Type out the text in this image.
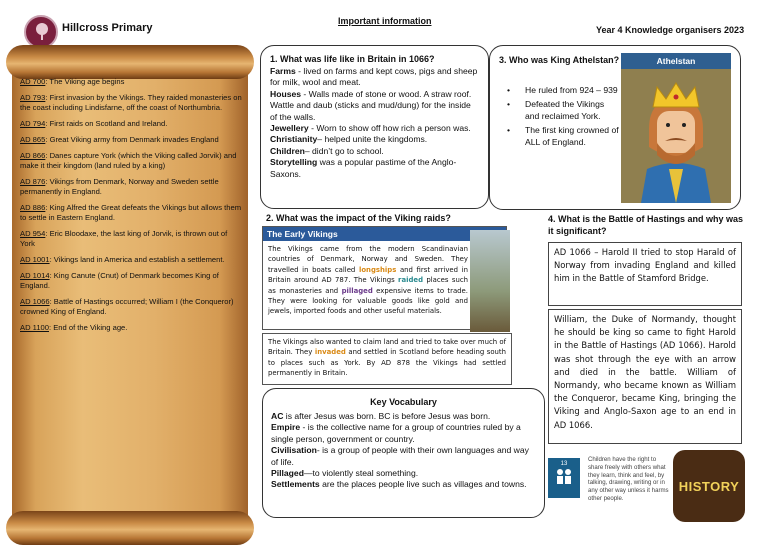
Hillcross Primary
Important information
Year 4 Knowledge organisers 2023
AD 700: The Viking age begins
AD 793: First invasion by the Vikings. They raided monasteries on the coast including Lindisfarne, off the coast of Northumbria.
AD 794: First raids on Scotland and Ireland.
AD 865: Great Viking army from Denmark invades England
AD 866: Danes capture York (which the Viking called Jorvik) and make it their kingdom (land ruled by a king)
AD 876: Vikings from Denmark, Norway and Sweden settle permanently in England.
AD 886: King Alfred the Great defeats the Vikings but allows them to settle in Eastern England.
AD 954: Eric Bloodaxe, the last king of Jorvik, is thrown out of York
AD 1001: Vikings land in America and establish a settlement.
AD 1014: King Canute (Cnut) of Denmark becomes King of England.
AD 1066: Battle of Hastings occurred; William I (the Conqueror) crowned King of England.
AD 1100: End of the Viking age.
1. What was life like in Britain in 1066?
Farms - lived on farms and kept cows, pigs and sheep for milk, wool and meat.
Houses - Walls made of stone or wood. A straw roof. Wattle and daub (sticks and mud/dung) for the inside of the walls.
Jewellery - Worn to show off how rich a person was.
Christianity– helped unite the kingdoms.
Children– didn’t go to school.
Storytelling was a popular pastime of the Anglo-Saxons.
3. Who was King Athelstan?
• He ruled from 924 – 939
• Defeated the Vikings and reclaimed York.
• The first king crowned of ALL of England.
Athelstan
2. What was the impact of the Viking raids?
The Early Vikings
The Vikings came from the modern Scandinavian countries of Denmark, Norway and Sweden. They travelled in boats called longships and first arrived in Britain around AD 787. The Vikings raided places such as monasteries and pillaged expensive items to trade. They were looking for valuable goods like gold and jewels, imported foods and other useful materials.
The Vikings also wanted to claim land and tried to take over much of Britain. They invaded and settled in Scotland before heading south to places such as York. By AD 878 the Vikings had settled permanently in Britain.
Key Vocabulary
AC is after Jesus was born. BC is before Jesus was born.
Empire - is the collective name for a group of countries ruled by a single person, government or country.
Civilisation- is a group of people with their own languages and way of life.
Pillaged—to violently steal something.
Settlements are the places people live such as villages and towns.
4. What is the Battle of Hastings and why was it significant?
AD 1066 – Harold II tried to stop Harald of Norway from invading England and killed him in the Battle of Stamford Bridge.
William, the Duke of Normandy, thought he should be king so came to fight Harold in the Battle of Hastings (AD 1066). Harold was shot through the eye with an arrow and died in the battle. William of Normandy, who became known as William the Conqueror, became King, bringing the Viking and Anglo-Saxon age to an end in AD 1066.
Children have the right to share freely with others what they learn, think and feel, by talking, drawing, writing or in any other way unless it harms other people.
13
HISTORY
